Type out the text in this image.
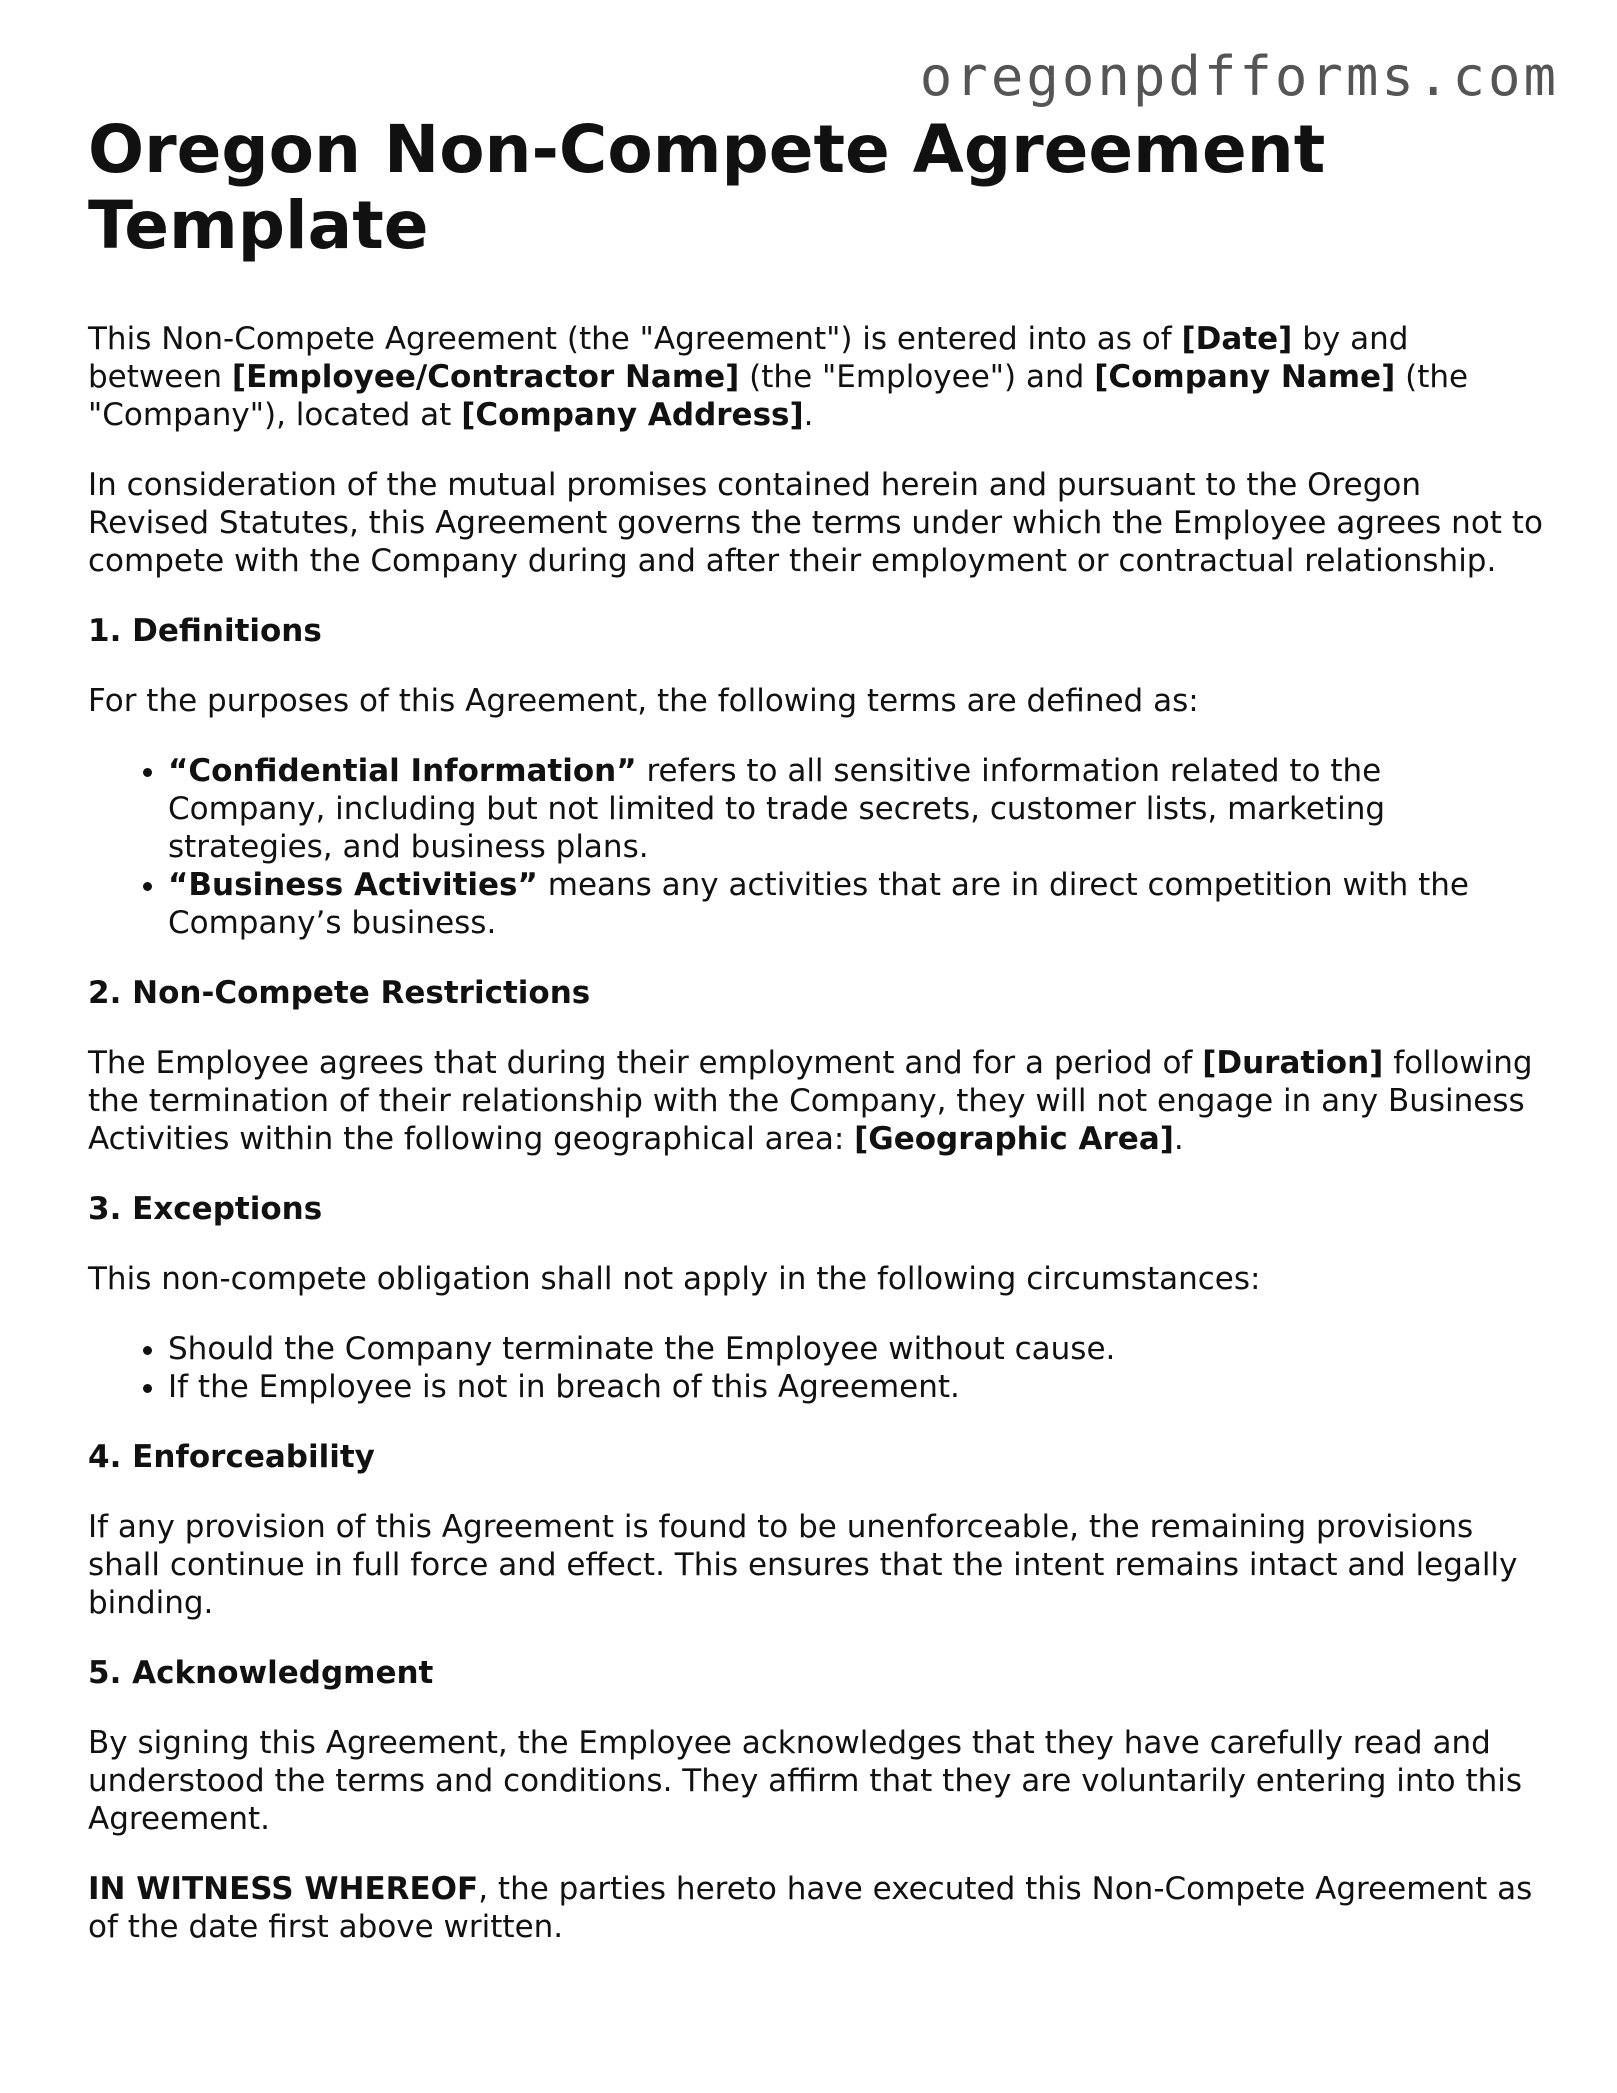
oregonpdfforms.com
Oregon Non-Compete Agreement Template

This Non-Compete Agreement (the "Agreement") is entered into as of [Date] by and between [Employee/Contractor Name] (the "Employee") and [Company Name] (the "Company"), located at [Company Address].

In consideration of the mutual promises contained herein and pursuant to the Oregon Revised Statutes, this Agreement governs the terms under which the Employee agrees not to compete with the Company during and after their employment or contractual relationship.

1. Definitions

For the purposes of this Agreement, the following terms are defined as:

• “Confidential Information” refers to all sensitive information related to the Company, including but not limited to trade secrets, customer lists, marketing strategies, and business plans.
• “Business Activities” means any activities that are in direct competition with the Company’s business.
2. Non-Compete Restrictions

The Employee agrees that during their employment and for a period of [Duration] following the termination of their relationship with the Company, they will not engage in any Business Activities within the following geographical area: [Geographic Area].

3. Exceptions

This non-compete obligation shall not apply in the following circumstances:

• Should the Company terminate the Employee without cause.
• If the Employee is not in breach of this Agreement.
4. Enforceability

If any provision of this Agreement is found to be unenforceable, the remaining provisions shall continue in full force and effect. This ensures that the intent remains intact and legally binding.

5. Acknowledgment

By signing this Agreement, the Employee acknowledges that they have carefully read and understood the terms and conditions. They affirm that they are voluntarily entering into this Agreement.

IN WITNESS WHEREOF, the parties hereto have executed this Non-Compete Agreement as of the date first above written.
